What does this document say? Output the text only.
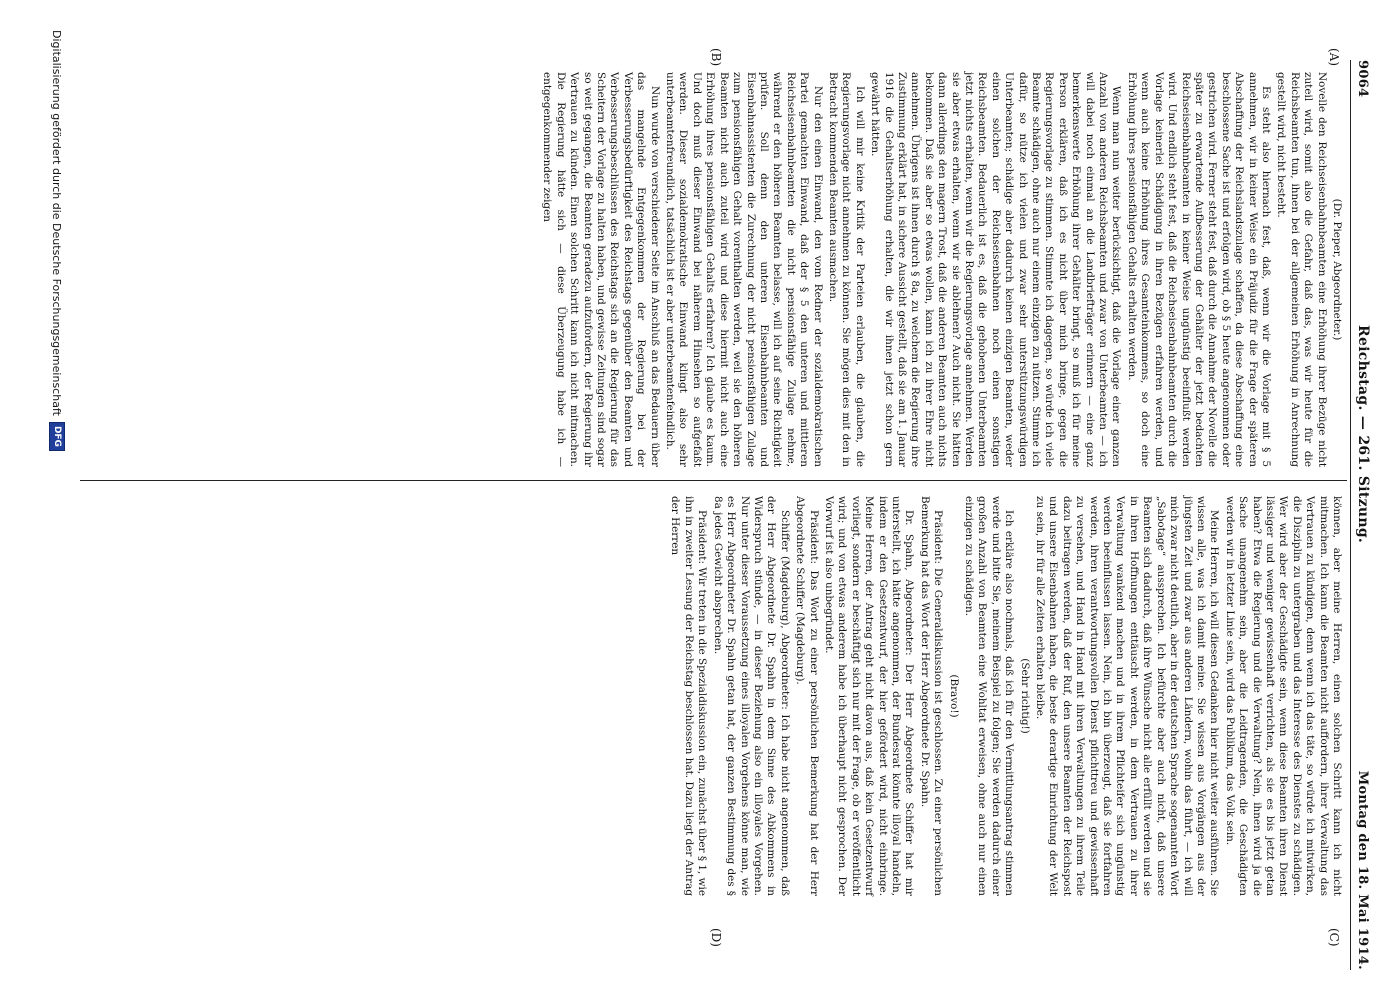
9064
Reichstag. — 261. Sitzung.
Montag den 18. Mai 1914.
(A)
(B)
(C)
(D)

(Dr. Pieper, Abgeordneter.)

Novelle den Reichseisenbahnbeamten eine Erhöhung ihrer Bezüge nicht zuteil wird, somit also die Gefahr, daß das, was wir heute für die Reichsbeamten tun, ihnen bei der allgemeinen Erhöhung in Anrechnung gestellt wird, nicht besteht.

Es steht also hiernach fest, daß, wenn wir die Vorlage mit § 5 annehmen, wir in keiner Weise ein Präjudiz für die Frage der späteren Abschaffung der Reichslandszulage schaffen, da diese Abschaffung eine beschlossene Sache ist und erfolgen wird, ob § 5 heute angenommen oder gestrichen wird. Ferner steht fest, daß durch die Annahme der Novelle die später zu erwartende Aufbesserung der Gehälter der jetzt bedachten Reichseisenbahnbeamten in keiner Weise ungünstig beeinflußt werden wird. Und endlich steht fest, daß die Reichseisenbahnbeamten durch die Vorlage keinerlei Schädigung in ihren Bezügen erfahren werden, und wenn auch keine Erhöhung ihres Gesamteinkommens, so doch eine Erhöhung ihres pensionsfähigen Gehalts erhalten werden.

Wenn man nun weiter berücksichtigt, daß die Vorlage einer ganzen Anzahl von anderen Reichsbeamten und zwar von Unterbeamten — ich will dabei noch einmal an die Landbriefträger erinnern — eine ganz bemerkenswerte Erhöhung ihrer Gehälter bringt, so muß ich für meine Person erklären, daß ich es nicht über mich bringe, gegen die Regierungsvorlage zu stimmen. Stimmte ich dagegen, so würde ich viele Beamte schädigen, ohne auch nur einem einzigen zu nützen. Stimme ich dafür, so nütze ich vielen und zwar sehr unterstützungswürdigen Unterbeamten; schädige aber dadurch keinen einzigen Beamten, weder einen solchen der Reichseisenbahnen noch einen sonstigen Reichsbeamten. Bedauerlich ist es, daß die gehobenen Unterbeamten jetzt nichts erhalten, wenn wir die Regierungsvorlage annehmen. Werden sie aber etwas erhalten, wenn wir sie ablehnen? Auch nicht. Sie hätten dann allerdings den magern Trost, daß die anderen Beamten auch nichts bekommen. Daß sie aber so etwas wollen, kann ich zu ihrer Ehre nicht annehmen. Übrigens ist ihnen durch § 8a, zu welchem die Regierung ihre Zustimmung erklärt hat, in sichere Aussicht gestellt, daß sie am 1. Januar 1916 die Gehaltserhöhung erhalten, die wir ihnen jetzt schon gern gewährt hätten.

Ich will mir keine Kritik der Parteien erlauben, die glauben, die Regierungsvorlage nicht annehmen zu können. Sie mögen dies mit den in Betracht kommenden Beamten ausmachen.

Nur den einen Einwand, den vom Redner der sozialdemokratischen Partei gemachten Einwand, daß der § 5 den unteren und mittleren Reichseisenbahnbeamten die nicht pensionsfähige Zulage nehme, während er den höheren Beamten belasse, will ich auf seine Richtigkeit prüfen. Soll denn den unteren Eisenbahnbeamten und Eisenbahnassistenten die Zurechnung der nicht pensionsfähigen Zulage zum pensionsfähigen Gehalt vorenthalten werden, weil sie den höheren Beamten nicht auch zuteil wird und diese hiermit nicht auch eine Erhöhung ihres pensionsfähigen Gehalts erfahren? Ich glaube es kaum. Und doch muß dieser Einwand bei näherem Hinsehen so aufgefaßt werden. Dieser sozialdemokratische Einwand klingt also sehr unterbeamtenfreundlich, tatsächlich ist er aber unterbeamtenfeindlich.

Nun wurde von verschiedener Seite im Anschluß an das Bedauern über das mangelnde Entgegenkommen der Regierung bei der Verbesserungsbedürftigkeit des Reichstags gegenüber den Beamten und Verbesserungsbeschlüssen des Reichstags sich an die Regierung für das Scheitern der Vorlage zu halten haben, und gewisse Zeitungen sind sogar so weit gegangen, die Beamten geradezu aufzufordern, der Regierung ihr Vertrauen zu künden. Einen solchen Schritt kann ich nicht mitmachen. Die Regierung hätte sich — diese Überzeugung habe ich — entgegenkommender zeigen

können, aber meine Herren, einen solchen Schritt kann ich nicht mitmachen. Ich kann die Beamten nicht auffordern, ihrer Verwaltung das Vertrauen zu kündigen, denn wenn ich das täte, so würde ich mitwirken, die Disziplin zu untergraben und das Interesse des Dienstes zu schädigen. Wer wird aber der Geschädigte sein, wenn diese Beamten ihren Dienst lässiger und weniger gewissenhaft verrichten, als sie es bis jetzt getan haben? Etwa die Regierung und die Verwaltung? Nein, ihnen wird ja die Sache unangenehm sein, aber die Leidtragenden, die Geschädigten werden wir in letzter Linie sein, wird das Publikum, das Volk sein.

Meine Herren, ich will diesen Gedanken hier nicht weiter ausführen. Sie wissen alle, was ich damit meine. Sie wissen aus Vorgängen aus der jüngsten Zeit und zwar aus anderen Ländern, wohin das führt, — ich will mich zwar nicht deutlich, aber in der deutschen Sprache sogenannten Wort „Sabotage“ aussprechen. Ich befürchte aber auch nicht, daß unsere Beamten sich dadurch, daß ihre Wünsche nicht alle erfüllt werden und sie in ihren Hoffnungen enttäuscht werden, in dem Vertrauen zu ihrer Verwaltung wankend machen und in ihrem Pflichteifer sich ungünstig werden beeinflussen lassen. Nein, ich bin überzeugt, daß sie fortfahren werden, ihren verantwortungsvollen Dienst pflichttreu und gewissenhaft zu versehen, und Hand in Hand mit ihren Verwaltungen zu ihrem Teile dazu beitragen werden, daß der Ruf, den unsere Beamten der Reichspost und unsere Eisenbahnen haben, die beste derartige Einrichtung der Welt zu sein, ihr für alle Zeiten erhalten bleibe.

(Sehr richtig!)

Ich erkläre also nochmals, daß ich für den Vermittlungsantrag stimmen werde und bitte Sie, meinem Beispiel zu folgen; Sie werden dadurch einer großen Anzahl von Beamten eine Wohltat erweisen, ohne auch nur einen einzigen zu schädigen.

(Bravo!)

Präsident: Die Generaldiskussion ist geschlossen. Zu einer persönlichen Bemerkung hat das Wort der Herr Abgeordnete Dr. Spahn.

Dr. Spahn, Abgeordneter: Der Herr Abgeordnete Schiffer hat mir unterstellt, ich hätte angenommen, der Bundesrat könnte illoyal handeln, indem er den Gesetzentwurf, der hier gefördert wird, nicht einbringe. Meine Herren, der Antrag geht nicht davon aus, daß kein Gesetzentwurf vorliegt, sondern er beschäftigt sich nur mit der Frage, ob er veröffentlicht wird; und von etwas anderem habe ich überhaupt nicht gesprochen. Der Vorwurf ist also unbegründet.

Präsident: Das Wort zu einer persönlichen Bemerkung hat der Herr Abgeordnete Schiffer (Magdeburg).

Schiffer (Magdeburg), Abgeordneter: Ich habe nicht angenommen, daß der Herr Abgeordnete Dr. Spahn in dem Sinne des Abkommens in Widerspruch stünde, — in dieser Beziehung also ein illoyales Vorgehen. Nur unter dieser Voraussetzung eines illoyalen Vorgehens könne man, wie es Herr Abgeordneter Dr. Spahn getan hat, der ganzen Bestimmung des § 8a jedes Gewicht absprechen.

Präsident: Wir treten in die Spezialdiskussion ein, zunächst über § 1, wie ihn in zweiter Lesung der Reichstag beschlossen hat. Dazu liegt der Antrag der Herren

Digitalisierung gefördert durch die Deutsche Forschungsgemeinschaft
DFG
